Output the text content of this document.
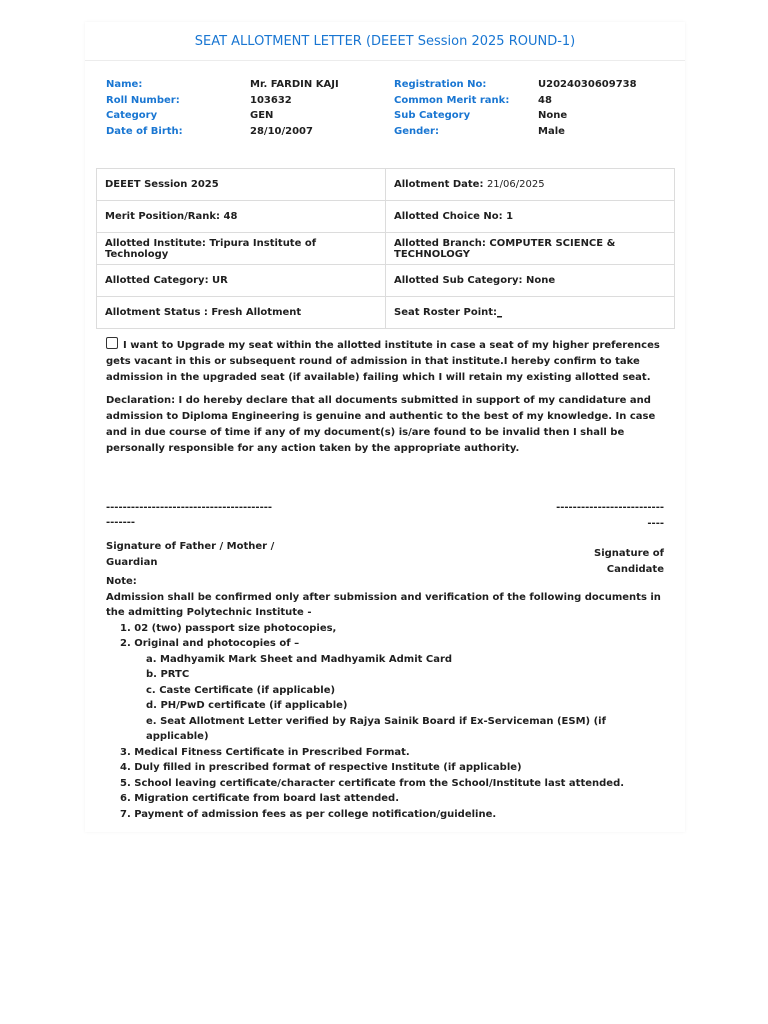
SEAT ALLOTMENT LETTER (DEEET Session 2025 ROUND-1)
Name:	Mr. FARDIN KAJI	Registration No:	U2024030609738
Roll Number:	103632	Common Merit rank:	48
Category	GEN	Sub Category	None
Date of Birth:	28/10/2007	Gender:	Male
DEEET Session 2025	Allotment Date: 21/06/2025
Merit Position/Rank: 48	Allotted Choice No: 1
Allotted Institute: Tripura Institute of Technology	Allotted Branch: COMPUTER SCIENCE & TECHNOLOGY
Allotted Category: UR	Allotted Sub Category: None
Allotment Status : Fresh Allotment	Seat Roster Point:_
I want to Upgrade my seat within the allotted institute in case a seat of my higher preferences gets vacant in this or subsequent round of admission in that institute.I hereby confirm to take admission in the upgraded seat (if available) failing which I will retain my existing allotted seat.
Declaration: I do hereby declare that all documents submitted in support of my candidature and admission to Diploma Engineering is genuine and authentic to the best of my knowledge. In case and in due course of time if any of my document(s) is/are found to be invalid then I shall be personally responsible for any action taken by the appropriate authority.
----------------------------------------
-------
Signature of Father / Mother / Guardian
--------------------------
----
Signature of Candidate
Note:
Admission shall be confirmed only after submission and verification of the following documents in the admitting Polytechnic Institute -
1. 02 (two) passport size photocopies,
2. Original and photocopies of –
a. Madhyamik Mark Sheet and Madhyamik Admit Card
b. PRTC
c. Caste Certificate (if applicable)
d. PH/PwD certificate (if applicable)
e. Seat Allotment Letter verified by Rajya Sainik Board if Ex-Serviceman (ESM) (if applicable)
3. Medical Fitness Certificate in Prescribed Format.
4. Duly filled in prescribed format of respective Institute (if applicable)
5. School leaving certificate/character certificate from the School/Institute last attended.
6. Migration certificate from board last attended.
7. Payment of admission fees as per college notification/guideline.
